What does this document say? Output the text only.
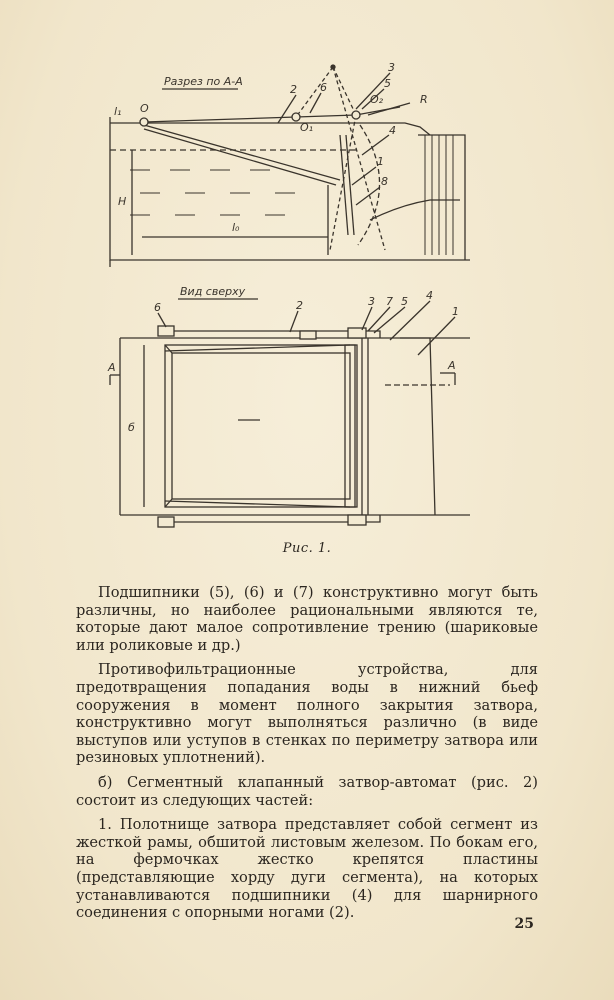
Разрез по А-А
l₁ O
2 6
3
5
R
O₁
O₂
4
1
8
H
l₀
Вид сверху
6	2	3 7 5 4
1
A	A
б
Рис. 1.

Подшипники (5), (6) и (7) конструктивно могут быть различны, но наиболее рациональными являются те, которые дают малое сопротивление трению (шариковые или роликовые и др.)

Противофильтрационные устройства, для предотвращения попадания воды в нижний бьеф сооружения в момент полного закрытия затвора, конструктивно могут выполняться различно (в виде выступов или уступов в стенках по периметру затвора или резиновых уплотнений).

б) Сегментный клапанный затвор-автомат (рис. 2) состоит из следующих частей:

1. Полотнище затвора представляет собой сегмент из жесткой рамы, обшитой листовым железом. По бокам его, на фермочках жестко крепятся пластины (представляющие хорду дуги сегмента), на которых устанавливаются подшипники (4) для шарнирного соединения с опорными ногами (2).

25
